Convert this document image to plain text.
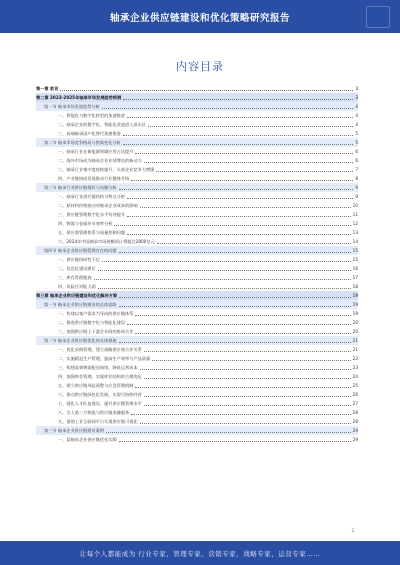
轴承企业供应链建设和优化策略研究报告
内容目录
第一章 前言	3
第二章 2023-2025年轴承市场发展趋势预测	3
第一节 轴承市场发展趋势分析	4
一、智能化与数字化转型的加速推进	4
二、轴承企业的数字化、智能化改造进入深水区	4
三、高端轴承国产化替代加速推进	5
第二节 轴承市场竞争格局与供需变化分析	5
一、轴承行业在新能源领域应用占比提升	6
二、海外市场成为轴承企业业绩增长的新动力	6
三、轴承行业集中度持续提升，头部企业竞争力增强	7
四、产业链协同发展推动行业整体升级	8
第三节 轴承行业供应链现状与问题分析	9
一、轴承行业供应链结构与特点分析	9
二、原材料价格波动对轴承企业成本的影响	10
三、供应链管理数字化水平有待提升	11
四、物流与仓储环节效率分析	12
五、供应商管理体系与质量控制问题	13
六、2024年中国轴承市场规模预计将超过2800亿元	14
第四节 轴承企业供应链管理存在的问题	15
一、供应链协同性不足	15
二、信息化建设滞后	16
三、库存管理粗放	17
四、风险应对能力弱	18
第三章 轴承企业供应链建设和优化解决方案	19
第一节 轴承企业供应链建设的总体思路	19
一、构建以客户需求为导向的供应链体系	19
二、推进供应链数字化与智能化建设	20
三、加强供应链上下游企业间的协同合作	20
第二节 轴承企业供应链优化的具体措施	21
一、优化采购管理，建立战略供应商合作关系	21
二、实施精益生产管理，提高生产效率与产品质量	22
三、构建高效物流配送网络，降低运营成本	23
四、加强库存管理，实现库存结构的合理优化	24
五、建立供应链风险预警与应急管理机制	25
六、推动供应链绿色化发展，实现可持续经营	26
七、强化人才队伍建设，提升供应链管理水平	27
八、引入第三方物流与供应链金融服务	28
九、借助工业互联网平台实现供应链可视化	28
第三节 轴承企业供应链建设案例	29
一、某轴承企业供应链优化实践	29
2
让每个人都能成为 行业专家、管理专家、营销专家、战略专家、运营专家……
